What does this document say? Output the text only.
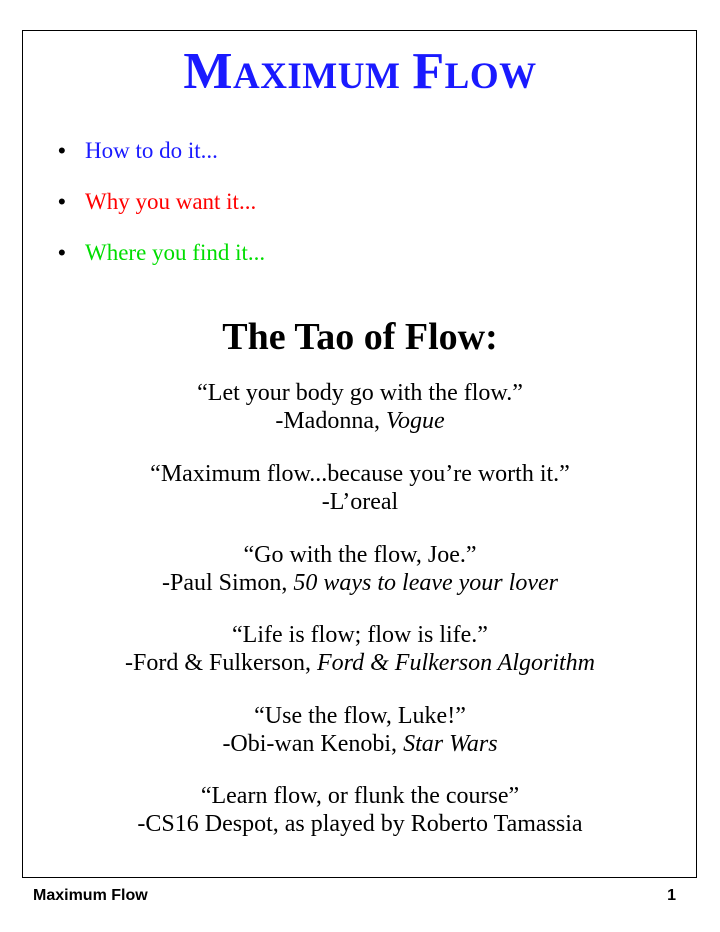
MAXIMUM FLOW
• How to do it...
• Why you want it...
• Where you find it...
The Tao of Flow:
“Let your body go with the flow.”
-Madonna, Vogue
“Maximum flow...because you’re worth it.”
-L’oreal
“Go with the flow, Joe.”
-Paul Simon, 50 ways to leave your lover
“Life is flow; flow is life.”
-Ford & Fulkerson, Ford & Fulkerson Algorithm
“Use the flow, Luke!”
-Obi-wan Kenobi, Star Wars
“Learn flow, or flunk the course”
-CS16 Despot, as played by Roberto Tamassia
Maximum Flow	1
